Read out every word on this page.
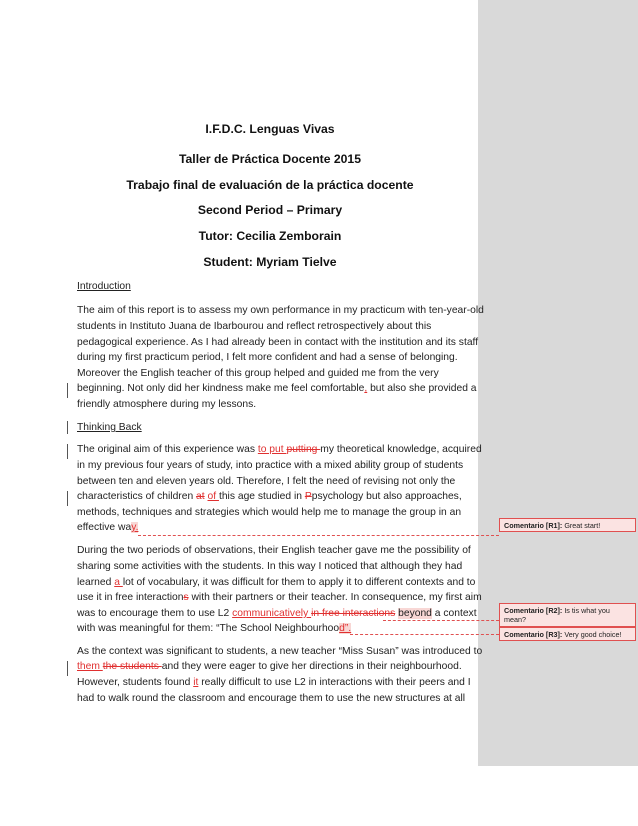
I.F.D.C. Lenguas Vivas
Taller de Práctica Docente 2015
Trabajo final de evaluación de la práctica docente
Second Period – Primary
Tutor: Cecilia Zemborain
Student: Myriam Tielve
Introduction
The aim of this report is to assess my own performance in my practicum with ten-year-old
students in Instituto Juana de Ibarbourou and reflect retrospectively about this
pedagogical experience. As I had already been in contact with the institution and its staff
during my first practicum period, I felt more confident and had a sense of belonging.
Moreover the English teacher of this group helped and guided me from the very
beginning. Not only did her kindness make me feel comfortable, but also she provided a
friendly atmosphere during my lessons.
Thinking Back
The original aim of this experience was to put putting my theoretical knowledge, acquired
in my previous four years of study, into practice with a mixed ability group of students
between ten and eleven years old. Therefore, I felt the need of revising not only the
characteristics of children at of this age studied in Ppsychology but also approaches,
methods, techniques and strategies which would help me to manage the group in an
effective way.
During the two periods of observations, their English teacher gave me the possibility of
sharing some activities with the students. In this way I noticed that although they had
learned a lot of vocabulary, it was difficult for them to apply it to different contexts and to
use it in free interactions with their partners or their teacher. In consequence, my first aim
was to encourage them to use L2 communicatively in free interactions beyond a context
with was meaningful for them: “The School Neighbourhood”.
As the context was significant to students, a new teacher “Miss Susan” was introduced to
them the students and they were eager to give her directions in their neighbourhood.
However, students found it really difficult to use L2 in interactions with their peers and I
had to walk round the classroom and encourage them to use the new structures at all
Comentario [R1]: Great start!
Comentario [R2]: Is tis what you mean?
Comentario [R3]: Very good choice!
